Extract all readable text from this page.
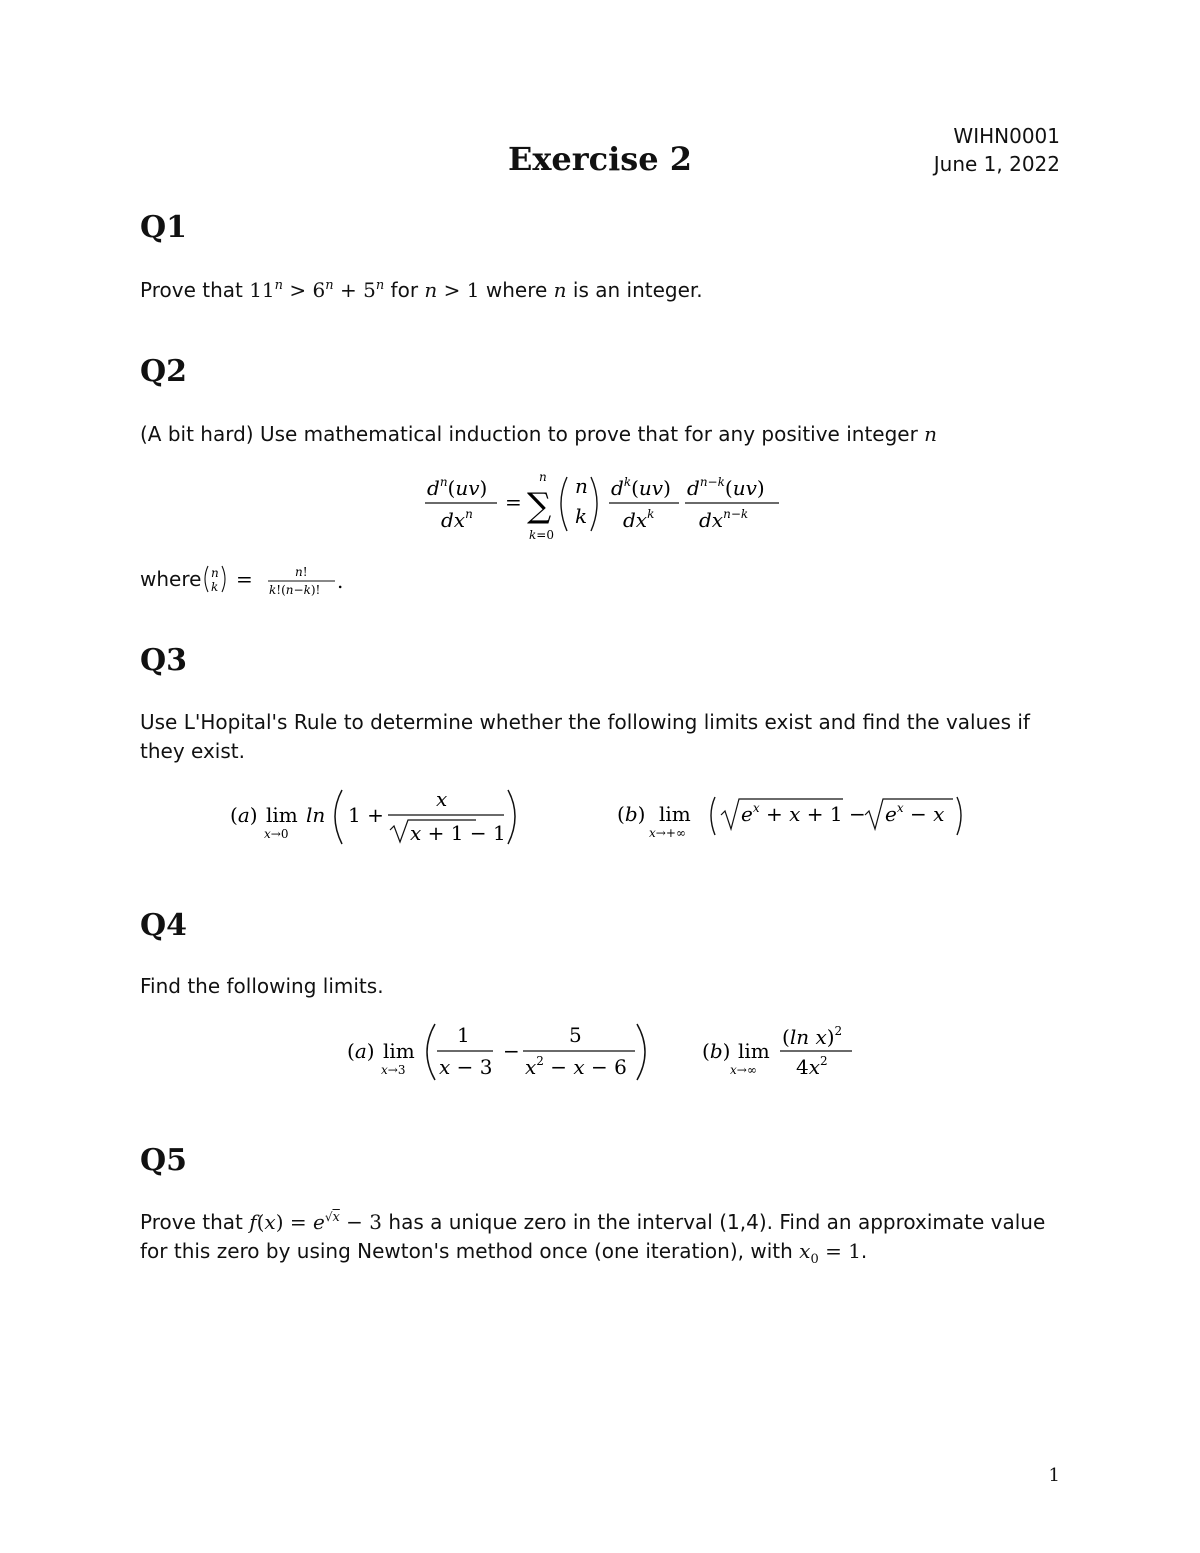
WIHN0001
June 1, 2022
Exercise 2
Q1
Prove that $11^n > 6^n + 5^n$ for n > 1 where n is an integer.
Q2
(A bit hard) Use mathematical induction to prove that for any positive integer n
$d^n(uv)$
$dx^n$ =
n
∑
k=0
n
k
$d^k(uv)$
$dx^k$
$d^{n-k}(uv)$
$dx^{n-k}$
where n
k =	n!
k!(n−k)! .
Q3
Use L'Hopital's Rule to determine whether the following limits exist and find the values if they exist.
(a) lim
x→0
ln 1 +
x
x + 1 − 1
(b) lim
x→+∞
$e^x + x + 1 - e^x - x$
Q4
Find the following limits.
(a) lim
x→3
1
x − 3
−
5
$x^2 - x - 6$
(b) lim
x→∞
(ln x)$^2$
$4x^2$
Q5
Prove that $f(x) = e^{√x} - 3$ has a unique zero in the interval (1,4). Find an approximate value
for this zero by using Newton's method once (one iteration), with $x_0 = 1$.
1
